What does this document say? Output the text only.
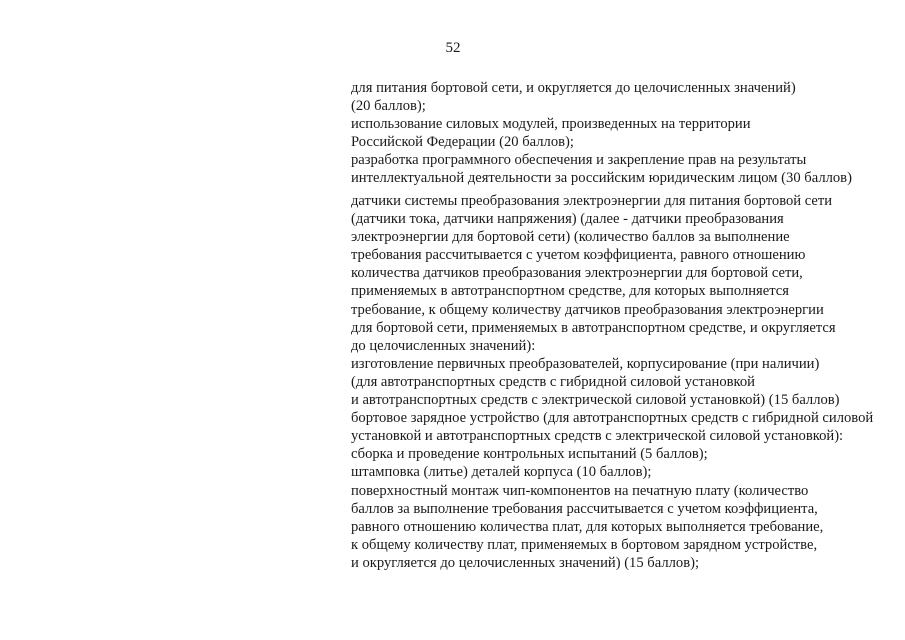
52
для питания бортовой сети, и округляется до целочисленных значений)
(20 баллов);
использование силовых модулей, произведенных на территории
Российской Федерации (20 баллов);
разработка программного обеспечения и закрепление прав на результаты
интеллектуальной деятельности за российским юридическим лицом (30 баллов)
датчики системы преобразования электроэнергии для питания бортовой сети
(датчики тока, датчики напряжения) (далее - датчики преобразования
электроэнергии для бортовой сети) (количество баллов за выполнение
требования рассчитывается с учетом коэффициента, равного отношению
количества датчиков преобразования электроэнергии для бортовой сети,
применяемых в автотранспортном средстве, для которых выполняется
требование, к общему количеству датчиков преобразования электроэнергии
для бортовой сети, применяемых в автотранспортном средстве, и округляется
до целочисленных значений):
изготовление первичных преобразователей, корпусирование (при наличии)
(для автотранспортных средств с гибридной силовой установкой
и автотранспортных средств с электрической силовой установкой) (15 баллов)
бортовое зарядное устройство (для автотранспортных средств с гибридной силовой
установкой и автотранспортных средств с электрической силовой установкой):
сборка и проведение контрольных испытаний (5 баллов);
штамповка (литье) деталей корпуса (10 баллов);
поверхностный монтаж чип-компонентов на печатную плату (количество
баллов за выполнение требования рассчитывается с учетом коэффициента,
равного отношению количества плат, для которых выполняется требование,
к общему количеству плат, применяемых в бортовом зарядном устройстве,
и округляется до целочисленных значений) (15 баллов);
